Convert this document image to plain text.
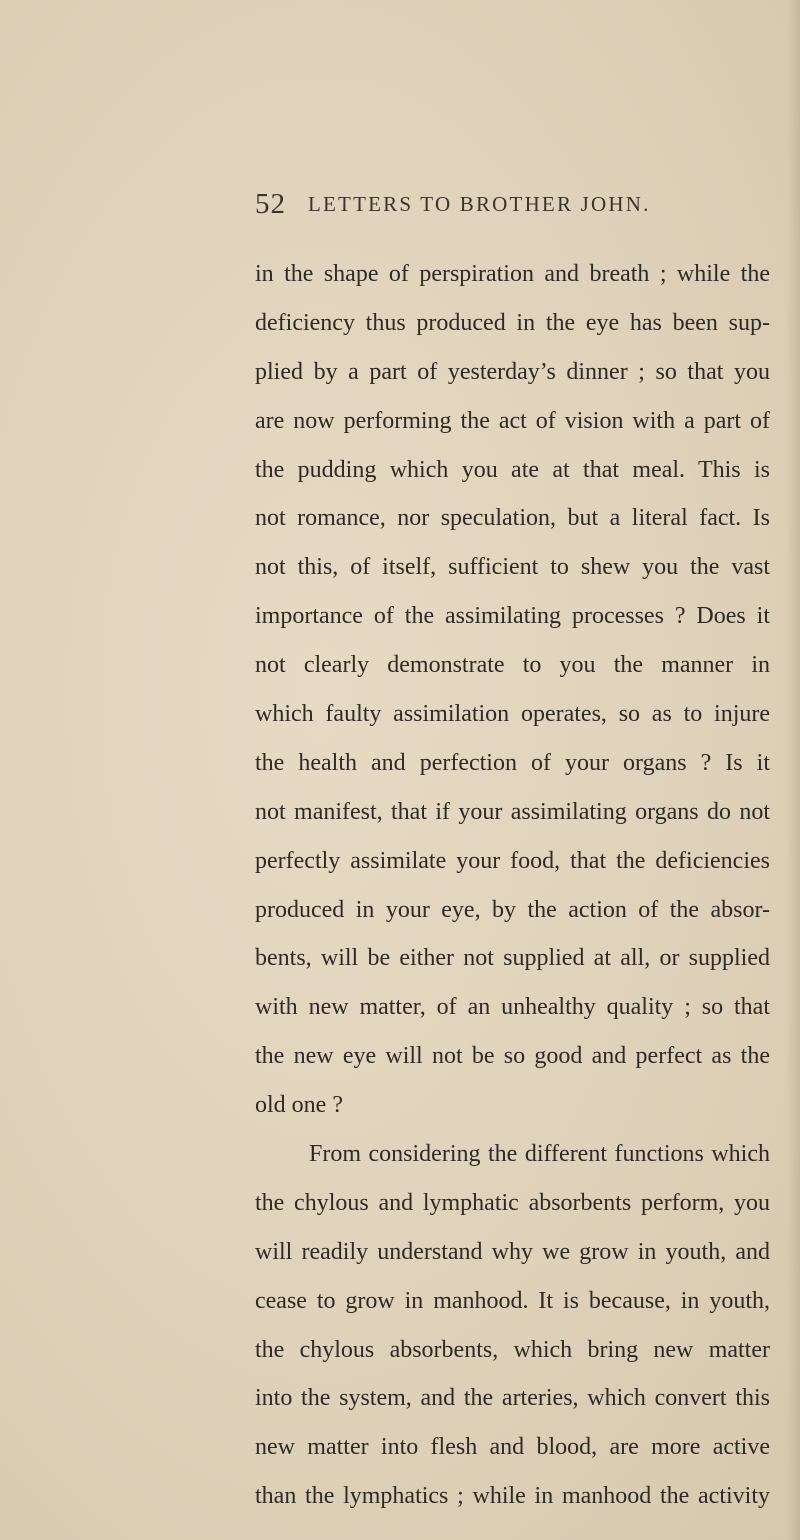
52 LETTERS TO BROTHER JOHN.
in the shape of perspiration and breath ; while the
deficiency thus produced in the eye has been sup-
plied by a part of yesterday’s dinner ; so that you
are now performing the act of vision with a part of
the pudding which you ate at that meal. This is
not romance, nor speculation, but a literal fact. Is
not this, of itself, sufficient to shew you the vast
importance of the assimilating processes ? Does it
not clearly demonstrate to you the manner in
which faulty assimilation operates, so as to injure
the health and perfection of your organs ? Is it
not manifest, that if your assimilating organs do not
perfectly assimilate your food, that the deficiencies
produced in your eye, by the action of the absor-
bents, will be either not supplied at all, or supplied
with new matter, of an unhealthy quality ; so that
the new eye will not be so good and perfect as the
old one ?
From considering the different functions which
the chylous and lymphatic absorbents perform, you
will readily understand why we grow in youth, and
cease to grow in manhood. It is because, in youth,
the chylous absorbents, which bring new matter
into the system, and the arteries, which convert this
new matter into flesh and blood, are more active
than the lymphatics ; while in manhood the activity
